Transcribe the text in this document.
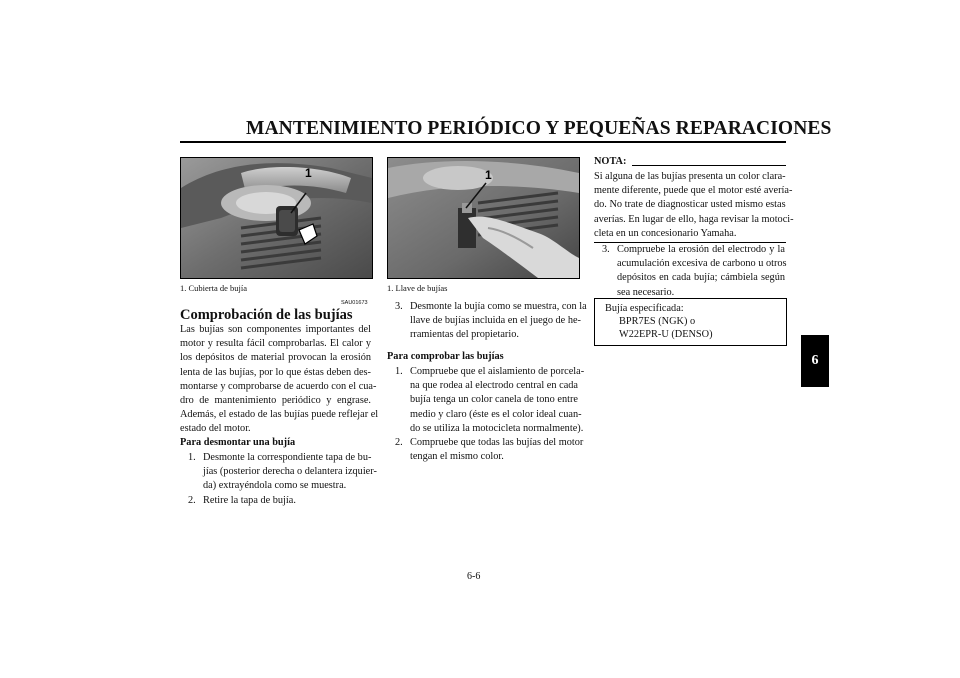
MANTENIMIENTO PERIÓDICO Y PEQUEÑAS REPARACIONES
1
1. Cubierta de bujía
1
1. Llave de bujías
SAU01673
Comprobación de las bujías
Las bujías son componentes importantes del
motor y resulta fácil comprobarlas. El calor y
los depósitos de material provocan la erosión
lenta de las bujías, por lo que éstas deben des-
montarse y comprobarse de acuerdo con el cua-
dro de mantenimiento periódico y engrase.
Además, el estado de las bujías puede reflejar el
estado del motor.
Para desmontar una bujía
1. Desmonte la correspondiente tapa de bu-
jías (posterior derecha o delantera izquier-
da) extrayéndola como se muestra.
2. Retire la tapa de bujía.
3. Desmonte la bujía como se muestra, con la
llave de bujías incluida en el juego de he-
rramientas del propietario.
Para comprobar las bujías
1. Compruebe que el aislamiento de porcela-
na que rodea al electrodo central en cada
bujía tenga un color canela de tono entre
medio y claro (éste es el color ideal cuan-
do se utiliza la motocicleta normalmente).
2. Compruebe que todas las bujías del motor
tengan el mismo color.
NOTA:
Si alguna de las bujías presenta un color clara-
mente diferente, puede que el motor esté avería-
do. No trate de diagnosticar usted mismo estas
averías. En lugar de ello, haga revisar la motoci-
cleta en un concesionario Yamaha.
3. Compruebe la erosión del electrodo y la
acumulación excesiva de carbono u otros
depósitos en cada bujía; cámbiela según
sea necesario.
Bujía especificada:
BPR7ES (NGK) o
W22EPR-U (DENSO)
6
6-6
